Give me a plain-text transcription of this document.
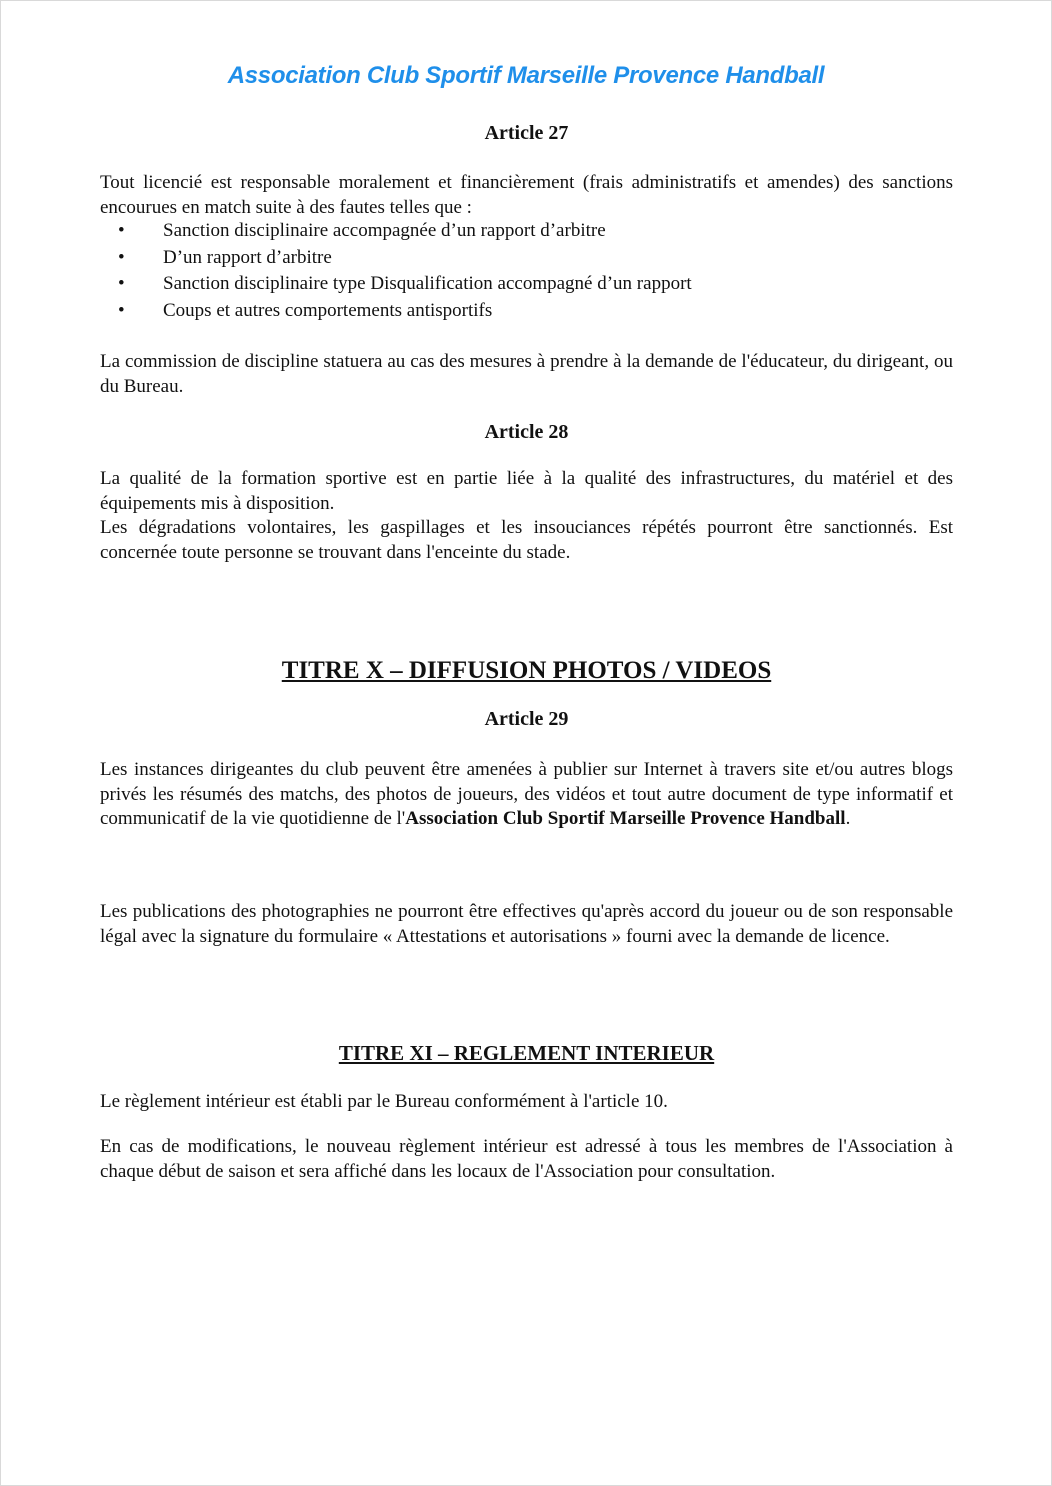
Association Club Sportif Marseille Provence Handball
Article 27

Tout licencié est responsable moralement et financièrement (frais administratifs et amendes) des sanctions encourues en match suite à des fautes telles que :

• Sanction disciplinaire accompagnée d’un rapport d’arbitre
• D’un rapport d’arbitre
• Sanction disciplinaire type Disqualification accompagné d’un rapport
• Coups et autres comportements antisportifs

La commission de discipline statuera au cas des mesures à prendre à la demande de l'éducateur, du dirigeant, ou du Bureau.

Article 28

La qualité de la formation sportive est en partie liée à la qualité des infrastructures, du matériel et des équipements mis à disposition.

Les dégradations volontaires, les gaspillages et les insouciances répétés pourront être sanctionnés. Est concernée toute personne se trouvant dans l'enceinte du stade.

TITRE X – DIFFUSION PHOTOS / VIDEOS
Article 29

Les instances dirigeantes du club peuvent être amenées à publier sur Internet à travers site et/ou autres blogs privés les résumés des matchs, des photos de joueurs, des vidéos et tout autre document de type informatif et communicatif de la vie quotidienne de l'Association Club Sportif Marseille Provence Handball.

Les publications des photographies ne pourront être effectives qu'après accord du joueur ou de son responsable légal avec la signature du formulaire « Attestations et autorisations » fourni avec la demande de licence.

TITRE XI – REGLEMENT INTERIEUR

Le règlement intérieur est établi par le Bureau conformément à l'article 10.

En cas de modifications, le nouveau règlement intérieur est adressé à tous les membres de l'Association à chaque début de saison et sera affiché dans les locaux de l'Association pour consultation.
